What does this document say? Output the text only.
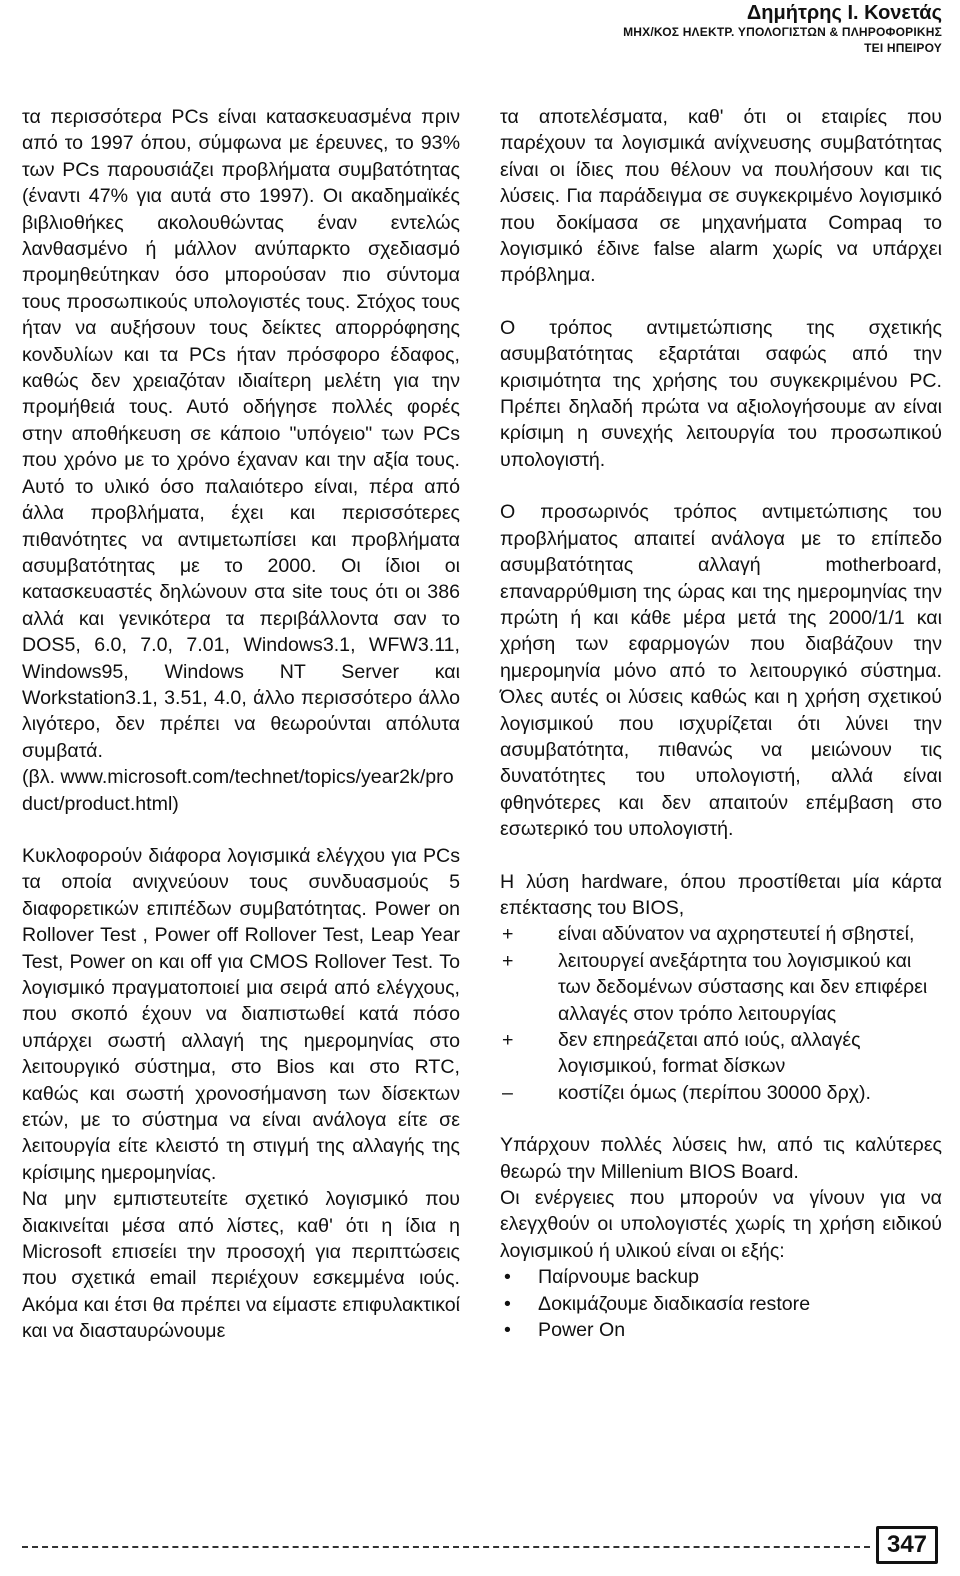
Δημήτρης Ι. Κονετάς
ΜΗΧ/ΚΟΣ ΗΛΕΚΤΡ. ΥΠΟΛΟΓΙΣΤΩΝ & ΠΛΗΡΟΦΟΡΙΚΗΣ
ΤΕΙ ΗΠΕΙΡΟΥ

τα περισσότερα PCs είναι κατασκευασμένα πριν από το 1997 όπου, σύμφωνα με έρευνες, το 93% των PCs παρουσιάζει προβλήματα συμβατότητας (έναντι 47% για αυτά στο 1997). Οι ακαδημαϊκές βιβλιοθήκες ακολουθώντας έναν εντελώς λανθασμένο ή μάλλον ανύπαρκτο σχεδιασμό προμηθεύτηκαν όσο μπορούσαν πιο σύντομα τους προσωπικούς υπολογιστές τους. Στόχος τους ήταν να αυξήσουν τους δείκτες απορρόφησης κονδυλίων και τα PCs ήταν πρόσφορο έδαφος, καθώς δεν χρειαζόταν ιδιαίτερη μελέτη για την προμήθειά τους. Αυτό οδήγησε πολλές φορές στην αποθήκευση σε κάποιο "υπόγειο" των PCs που χρόνο με το χρόνο έχαναν και την αξία τους. Αυτό το υλικό όσο παλαιότερο είναι, πέρα από άλλα προβλήματα, έχει και περισσότερες πιθανότητες να αντιμετωπίσει και προβλήματα ασυμβατότητας με το 2000. Οι ίδιοι οι κατασκευαστές δηλώνουν στα site τους ότι οι 386 αλλά και γενικότερα τα περιβάλλοντα σαν το DOS5, 6.0, 7.0, 7.01, Windows3.1, WFW3.11, Windows95, Windows NT Server και Workstation3.1, 3.51, 4.0, άλλο περισσότερο άλλο λιγότερο, δεν πρέπει να θεωρούνται απόλυτα συμβατά.

(βλ. www.microsoft.com/technet/topics/year2k/product/product.html)

Κυκλοφορούν διάφορα λογισμικά ελέγχου για PCs τα οποία ανιχνεύουν τους συνδυασμούς 5 διαφορετικών επιπέδων συμβατότητας. Power on Rollover Test , Power off Rollover Test, Leap Year Test, Power on και off για CMOS Rollover Test. Το λογισμικό πραγματοποιεί μια σειρά από ελέγχους, που σκοπό έχουν να διαπιστωθεί κατά πόσο υπάρχει σωστή αλλαγή της ημερομηνίας στο λειτουργικό σύστημα, στο Bios και στο RTC, καθώς και σωστή χρονοσήμανση των δίσεκτων ετών, με το σύστημα να είναι ανάλογα είτε σε λειτουργία είτε κλειστό τη στιγμή της αλλαγής της κρίσιμης ημερομηνίας.

Να μην εμπιστευτείτε σχετικό λογισμικό που διακινείται μέσα από λίστες, καθ' ότι η ίδια η Microsoft επισείει την προσοχή για περιπτώσεις που σχετικά email περιέχουν εσκεμμένα ιούς. Ακόμα και έτσι θα πρέπει να είμαστε επιφυλακτικοί και να διασταυρώνουμε

τα αποτελέσματα, καθ' ότι οι εταιρίες που παρέχουν τα λογισμικά ανίχνευσης συμβατότητας είναι οι ίδιες που θέλουν να πουλήσουν και τις λύσεις. Για παράδειγμα σε συγκεκριμένο λογισμικό που δοκίμασα σε μηχανήματα Compaq το λογισμικό έδινε false alarm χωρίς να υπάρχει πρόβλημα.

Ο τρόπος αντιμετώπισης της σχετικής ασυμβατότητας εξαρτάται σαφώς από την κρισιμότητα της χρήσης του συγκεκριμένου PC. Πρέπει δηλαδή πρώτα να αξιολογήσουμε αν είναι κρίσιμη η συνεχής λειτουργία του προσωπικού υπολογιστή.

Ο προσωρινός τρόπος αντιμετώπισης του προβλήματος απαιτεί ανάλογα με το επίπεδο ασυμβατότητας αλλαγή motherboard, επαναρρύθμιση της ώρας και της ημερομηνίας την πρώτη ή και κάθε μέρα μετά της 2000/1/1 και χρήση των εφαρμογών που διαβάζουν την ημερομηνία μόνο από το λειτουργικό σύστημα. Όλες αυτές οι λύσεις καθώς και η χρήση σχετικού λογισμικού που ισχυρίζεται ότι λύνει την ασυμβατότητα, πιθανώς να μειώνουν τις δυνατότητες του υπολογιστή, αλλά είναι φθηνότερες και δεν απαιτούν επέμβαση στο εσωτερικό του υπολογιστή.

Η λύση hardware, όπου προστίθεται μία κάρτα επέκτασης του BIOS,

+	είναι αδύνατον να αχρηστευτεί ή σβηστεί,
+	λειτουργεί ανεξάρτητα του λογισμικού και των δεδομένων σύστασης και δεν επιφέρει αλλαγές στον τρόπο λειτουργίας
+	δεν επηρεάζεται από ιούς, αλλαγές λογισμικού, format δίσκων
–	κοστίζει όμως (περίπου 30000 δρχ).

Υπάρχουν πολλές λύσεις hw, από τις καλύτερες θεωρώ την Millenium BIOS Board.

Οι ενέργειες που μπορούν να γίνουν για να ελεγχθούν οι υπολογιστές χωρίς τη χρήση ειδικού λογισμικού ή υλικού είναι οι εξής:

•	Παίρνουμε backup
•	Δοκιμάζουμε διαδικασία restore
•	Power On
347
